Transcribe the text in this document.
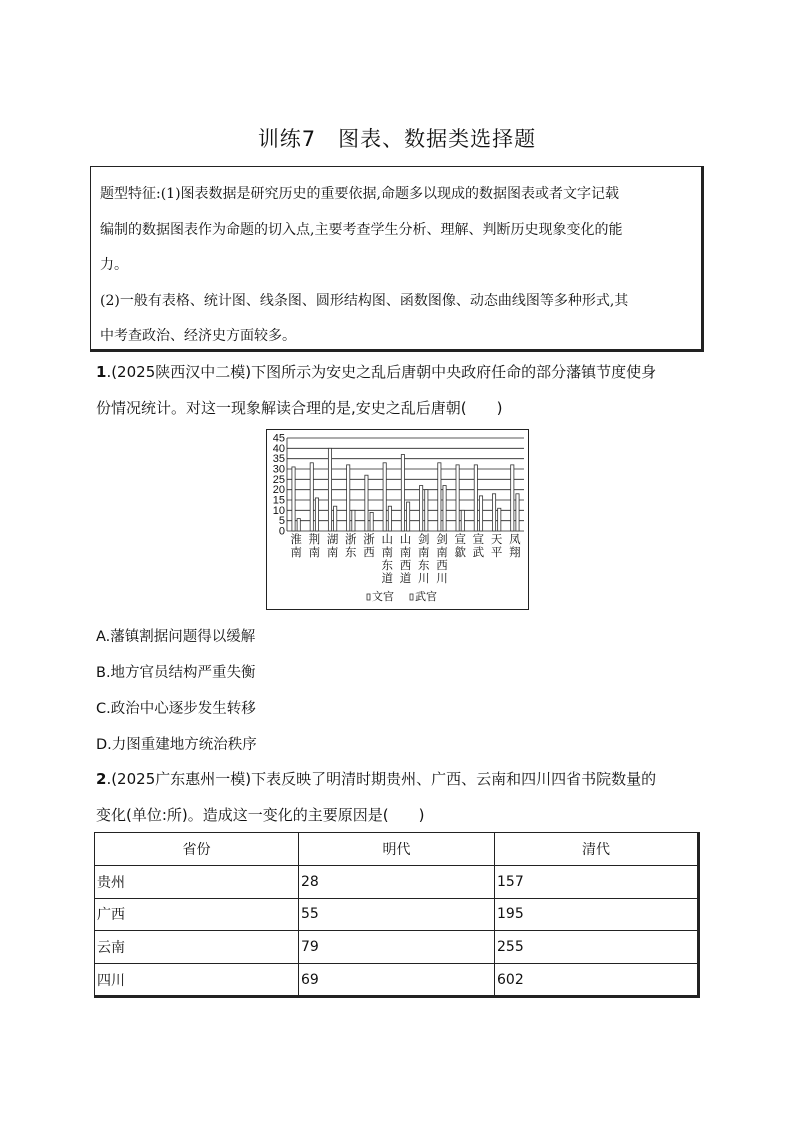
训练7　图表、数据类选择题

题型特征:(1)图表数据是研究历史的重要依据,命题多以现成的数据图表或者文字记载

编制的数据图表作为命题的切入点,主要考查学生分析、理解、判断历史现象变化的能

力。

(2)一般有表格、统计图、线条图、圆形结构图、函数图像、动态曲线图等多种形式,其

中考查政治、经济史方面较多。

1.(2025陕西汉中二模)下图所示为安史之乱后唐朝中央政府任命的部分藩镇节度使身
份情况统计。对这一现象解读合理的是,安史之乱后唐朝(　　)
0
5
10
15
20
25
30
35
40
45
淮
南
荆
南
湖
南
浙
东
浙
西
山
南
东
道
山
南
西
道
剑
南
东
川
剑
南
西
川
宣
歙
宣
武
天
平
凤
翔
文官 武官
A.藩镇割据问题得以缓解
B.地方官员结构严重失衡
C.政治中心逐步发生转移
D.力图重建地方统治秩序
2.(2025广东惠州一模)下表反映了明清时期贵州、广西、云南和四川四省书院数量的
变化(单位:所)。造成这一变化的主要原因是(　　)
省份	明代	清代
贵州	28	157
广西	55	195
云南	79	255
四川	69	602
